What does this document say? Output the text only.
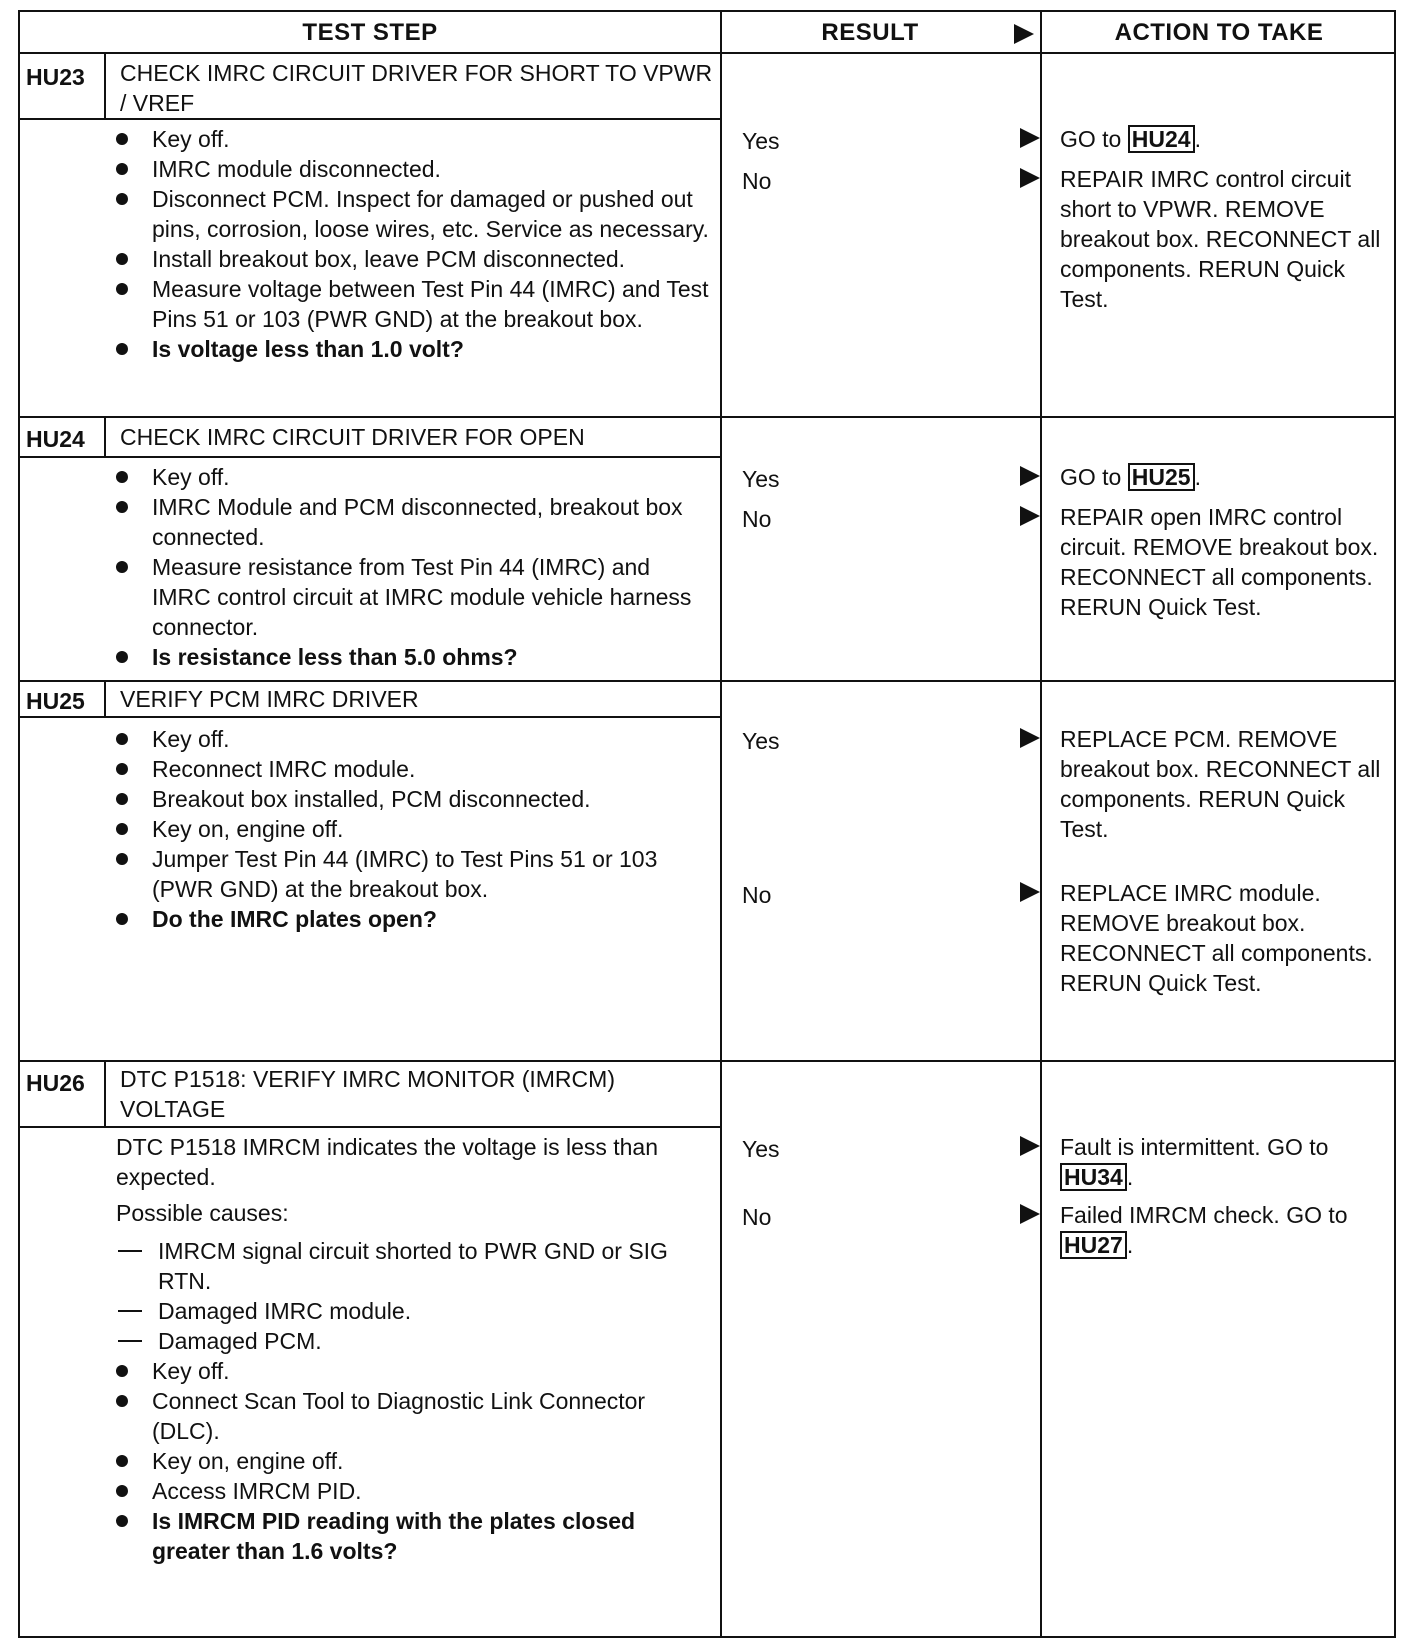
TEST STEP	RESULT	ACTION TO TAKE
HU23 CHECK IMRC CIRCUIT DRIVER FOR SHORT TO VPWR / VREF
Key off.
IMRC module disconnected.
Disconnect PCM. Inspect for damaged or pushed out pins, corrosion, loose wires, etc. Service as necessary.
Install breakout box, leave PCM disconnected.
Measure voltage between Test Pin 44 (IMRC) and Test Pins 51 or 103 (PWR GND) at the breakout box.
Is voltage less than 1.0 volt?
Yes	GO to HU24 .
No	REPAIR IMRC control circuit short to VPWR. REMOVE breakout box. RECONNECT all components. RERUN Quick Test.
HU24 CHECK IMRC CIRCUIT DRIVER FOR OPEN
Key off.
IMRC Module and PCM disconnected, breakout box connected.
Measure resistance from Test Pin 44 (IMRC) and IMRC control circuit at IMRC module vehicle harness connector.
Is resistance less than 5.0 ohms?
Yes	GO to HU25 .
No	REPAIR open IMRC control circuit. REMOVE breakout box. RECONNECT all components. RERUN Quick Test.
HU25 VERIFY PCM IMRC DRIVER
Key off.
Reconnect IMRC module.
Breakout box installed, PCM disconnected.
Key on, engine off.
Jumper Test Pin 44 (IMRC) to Test Pins 51 or 103 (PWR GND) at the breakout box.
Do the IMRC plates open?
Yes	REPLACE PCM. REMOVE breakout box. RECONNECT all components. RERUN Quick Test.
No	REPLACE IMRC module. REMOVE breakout box. RECONNECT all components. RERUN Quick Test.
HU26 DTC P1518: VERIFY IMRC MONITOR (IMRCM) VOLTAGE
DTC P1518 IMRCM indicates the voltage is less than expected.
Possible causes:
IMRCM signal circuit shorted to PWR GND or SIG RTN.
Damaged IMRC module.
Damaged PCM.
Key off.
Connect Scan Tool to Diagnostic Link Connector (DLC).
Key on, engine off.
Access IMRCM PID.
Is IMRCM PID reading with the plates closed greater than 1.6 volts?
Yes	Fault is intermittent. GO to HU34 .
No	Failed IMRCM check. GO to HU27 .
